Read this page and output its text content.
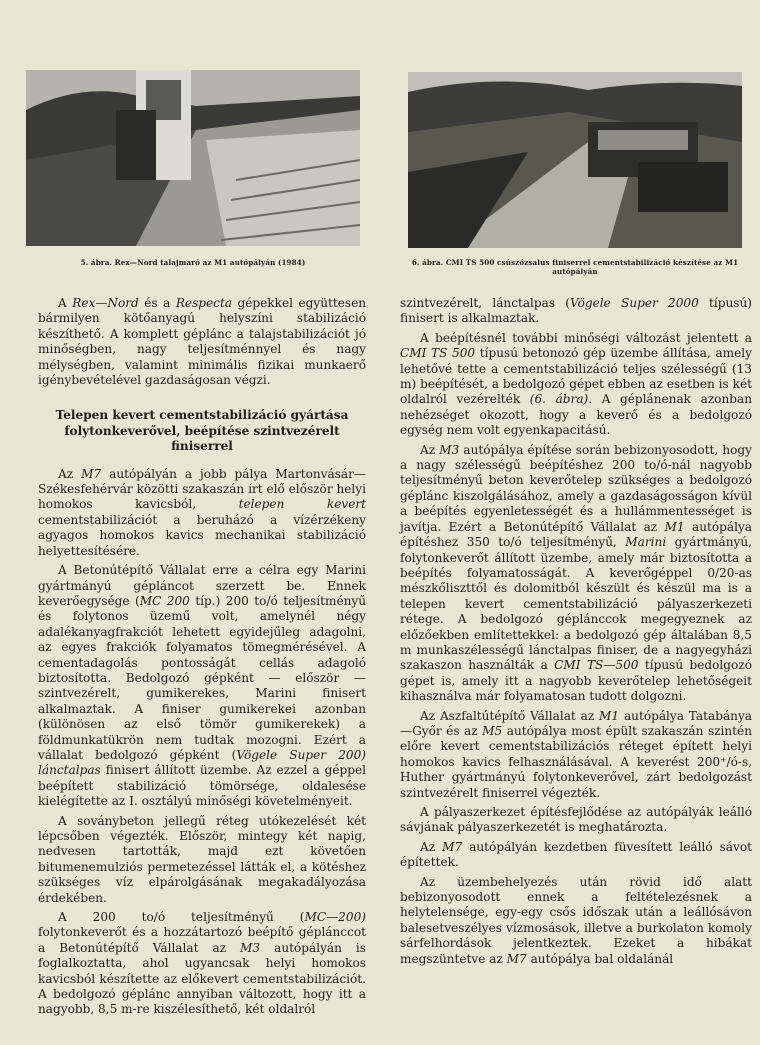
5. ábra. Rex—Nord talajmaró az M1 autópályán (1984)	6. ábra. CMI TS 500 csúszózsalus finiserrel cementstabilizáció készítése az M1 autópályán

A Rex—Nord és a Respecta gépekkel együttesen bármilyen kötőanyagú helyszíni stabilizáció készíthető. A komplett géplánc a talajstabilizációt jó minőségben, nagy teljesítménnyel és nagy mélységben, valamint minimális fizikai munkaerő igénybevételével gazdaságosan végzi.

Telepen kevert cementstabilizáció gyártása folytonkeverővel, beépítése szintvezérelt finiserrel

Az M7 autópályán a jobb pálya Martonvásár—Székesfehérvár közötti szakaszán írt elő először helyi homokos kavicsból, telepen kevert cementstabilizációt a beruházó a vízérzékeny agyagos homokos kavics mechanikai stabilizáció helyettesítésére.

A Betonútépítő Vállalat erre a célra egy Marini gyártmányú gépláncot szerzett be. Ennek keverőegysége (MC 200 típ.) 200 to/ó teljesítményű és folytonos üzemű volt, amelynél négy adalékanyagfrakciót lehetett egyidejűleg adagolni, az egyes frakciók folyamatos tömegmérésével. A cementadagolás pontosságát cellás adagoló biztosította. Bedolgozó gépként — először — szintvezérelt, gumikerekes, Marini finisert alkalmaztak. A finiser gumikerekei azonban (különösen az első tömör gumikerekek) a földmunkatükrön nem tudtak mozogni. Ezért a vállalat bedolgozó gépként (Vögele Super 200) lánctalpas finisert állított üzembe. Az ezzel a géppel beépített stabilizáció tömörsége, oldalesése kielégítette az I. osztályú minőségi követelményeit.

A soványbeton jellegű réteg utókezelését két lépcsőben végezték. Először, mintegy két napig, nedvesen tartották, majd ezt követően bitumenemulziós permetezéssel látták el, a kötéshez szükséges víz elpárolgásának megakadályozása érdekében.

A 200 to/ó teljesítményű (MC—200) folytonkeverőt és a hozzátartozó beépítő géplánccot a Betonútépítő Vállalat az M3 autópályán is foglalkoztatta, ahol ugyancsak helyi homokos kavicsból készítette az előkevert cementstabilizációt. A bedolgozó géplánc annyiban változott, hogy itt a nagyobb, 8,5 m-re kiszélesíthető, két oldalról

szintvezérelt, lánctalpas (Vögele Super 2000 típusú) finisert is alkalmaztak.

A beépítésnél további minőségi változást jelentett a CMI TS 500 típusú betonozó gép üzembe állítása, amely lehetővé tette a cementstabilizáció teljes szélességű (13 m) beépítését, a bedolgozó gépet ebben az esetben is két oldalról vezérelték (6. ábra). A géplánenak azonban nehézséget okozott, hogy a keverő és a bedolgozó egység nem volt egyenkapacitású.

Az M3 autópálya építése során bebizonyosodott, hogy a nagy szélességű beépítéshez 200 to/ó-nál nagyobb teljesítményű beton keverőtelep szükséges a bedolgozó géplánc kiszolgálásához, amely a gazdaságosságon kívül a beépítés egyenletességét és a hullámmentességet is javítja. Ezért a Betonútépítő Vállalat az M1 autópálya építéshez 350 to/ó teljesítményű, Marini gyártmányú, folytonkeverőt állított üzembe, amely már biztosította a beépítés folyamatosságát. A keverőgéppel 0/20-as mészkőliszttől és dolomitból készült és készül ma is a telepen kevert cementstabilizáció pályaszerkezeti rétege. A bedolgozó géplánccok megegyeznek az előzőekben említettekkel: a bedolgozó gép általában 8,5 m munkaszélességű lánctalpas finiser, de a nagyegyházi szakaszon használták a CMI TS—500 típusú bedolgozó gépet is, amely itt a nagyobb keverőtelep lehetőségeit kihasználva már folyamatosan tudott dolgozni.

Az Aszfaltútépítő Vállalat az M1 autópálya Tatabánya—Győr és az M5 autópálya most épült szakaszán szintén előre kevert cementstabilizációs réteget épített helyi homokos kavics felhasználásával. A keverést 200⁺/ó-s, Huther gyártmányú folytonkeverővel, zárt bedolgozást szintvezérelt finiserrel végezték.

A pályaszerkezet építésfejlődése az autópályák leálló sávjának pályaszerkezetét is meghatározta.

Az M7 autópályán kezdetben füvesített leálló sávot építettek.

Az üzembehelyezés után rövid idő alatt bebizonyosodott ennek a feltételezésnek a helytelensége, egy-egy csős időszak után a leállósávon balesetveszélyes vízmosások, illetve a burkolaton komoly sárfelhordások jelentkeztek. Ezeket a hibákat megszüntetve az M7 autópálya bal oldalánál
